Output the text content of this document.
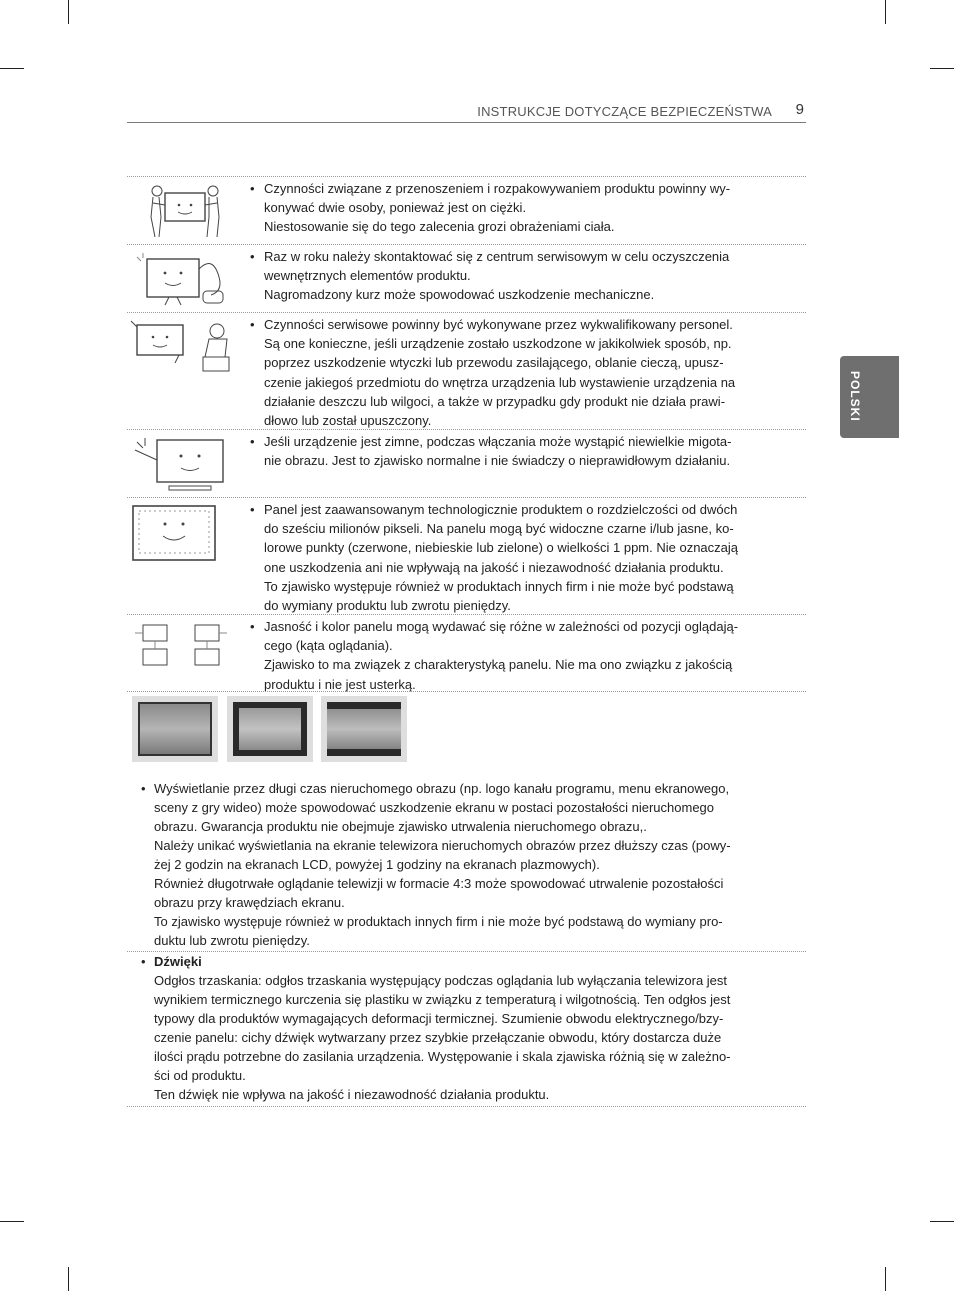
INSTRUKCJE DOTYCZĄCE BEZPIECZEŃSTWA 9
POLSKI
• Czynności związane z przenoszeniem i rozpakowywaniem produktu powinny wy-
konywać dwie osoby, ponieważ jest on ciężki.
Niestosowanie się do tego zalecenia grozi obrażeniami ciała.
• Raz w roku należy skontaktować się z centrum serwisowym w celu oczyszczenia
wewnętrznych elementów produktu.
Nagromadzony kurz może spowodować uszkodzenie mechaniczne.
• Czynności serwisowe powinny być wykonywane przez wykwalifikowany personel.
Są one konieczne, jeśli urządzenie zostało uszkodzone w jakikolwiek sposób, np.
poprzez uszkodzenie wtyczki lub przewodu zasilającego, oblanie cieczą, upusz-
czenie jakiegoś przedmiotu do wnętrza urządzenia lub wystawienie urządzenia na
działanie deszczu lub wilgoci, a także w przypadku gdy produkt nie działa prawi-
dłowo lub został upuszczony.
• Jeśli urządzenie jest zimne, podczas włączania może wystąpić niewielkie migota-
nie obrazu. Jest to zjawisko normalne i nie świadczy o nieprawidłowym działaniu.
• Panel jest zaawansowanym technologicznie produktem o rozdzielczości od dwóch
do sześciu milionów pikseli. Na panelu mogą być widoczne czarne i/lub jasne, ko-
lorowe punkty (czerwone, niebieskie lub zielone) o wielkości 1 ppm. Nie oznaczają
one uszkodzenia ani nie wpływają na jakość i niezawodność działania produktu.
To zjawisko występuje również w produktach innych firm i nie może być podstawą
do wymiany produktu lub zwrotu pieniędzy.
• Jasność i kolor panelu mogą wydawać się różne w zależności od pozycji oglądają-
cego (kąta oglądania).
Zjawisko to ma związek z charakterystyką panelu. Nie ma ono związku z jakością
produktu i nie jest usterką.
• Wyświetlanie przez długi czas nieruchomego obrazu (np. logo kanału programu, menu ekranowego,
sceny z gry wideo) może spowodować uszkodzenie ekranu w postaci pozostałości nieruchomego
obrazu. Gwarancja produktu nie obejmuje zjawisko utrwalenia nieruchomego obrazu,.
Należy unikać wyświetlania na ekranie telewizora nieruchomych obrazów przez dłuższy czas (powy-
żej 2 godzin na ekranach LCD, powyżej 1 godziny na ekranach plazmowych).
Również długotrwałe oglądanie telewizji w formacie 4:3 może spowodować utrwalenie pozostałości
obrazu przy krawędziach ekranu.
To zjawisko występuje również w produktach innych firm i nie może być podstawą do wymiany pro-
duktu lub zwrotu pieniędzy.
• Dźwięki
Odgłos trzaskania: odgłos trzaskania występujący podczas oglądania lub wyłączania telewizora jest
wynikiem termicznego kurczenia się plastiku w związku z temperaturą i wilgotnością. Ten odgłos jest
typowy dla produktów wymagających deformacji termicznej. Szumienie obwodu elektrycznego/bzy-
czenie panelu: cichy dźwięk wytwarzany przez szybkie przełączanie obwodu, który dostarcza duże
ilości prądu potrzebne do zasilania urządzenia. Występowanie i skala zjawiska różnią się w zależno-
ści od produktu.
Ten dźwięk nie wpływa na jakość i niezawodność działania produktu.
